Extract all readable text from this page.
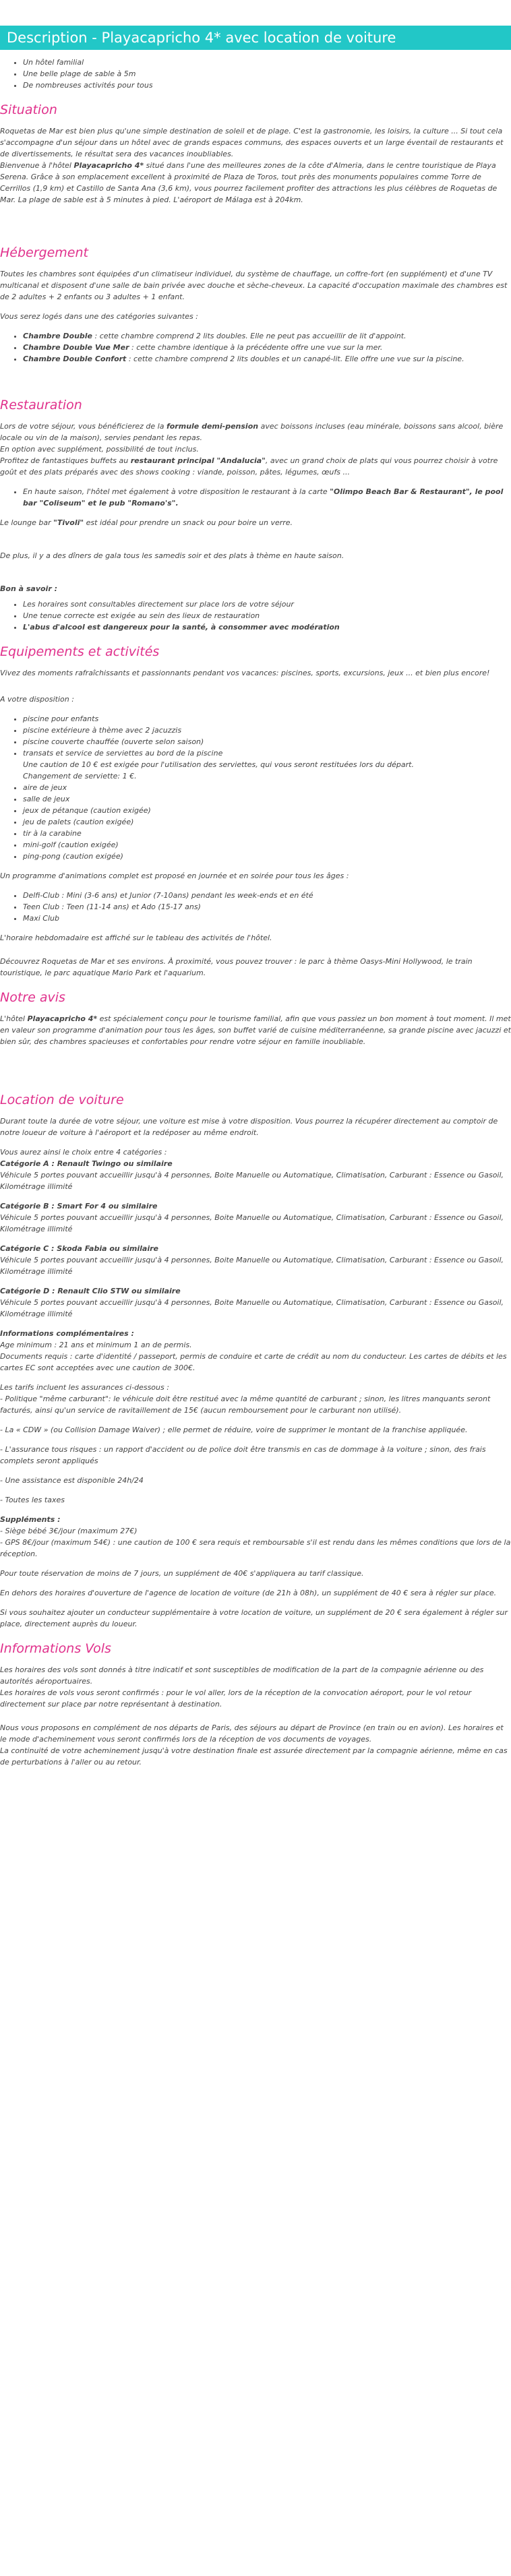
Description - Playacapricho 4* avec location de voiture
• Un hôtel familial
• Une belle plage de sable à 5m
• De nombreuses activités pour tous
Situation

Roquetas de Mar est bien plus qu'une simple destination de soleil et de plage. C'est la gastronomie, les loisirs, la culture ... Si tout cela s'accompagne d'un séjour dans un hôtel avec de grands espaces communs, des espaces ouverts et un large éventail de restaurants et de divertissements, le résultat sera des vacances inoubliables.

Bienvenue à l'hôtel Playacapricho 4* situé dans l'une des meilleures zones de la côte d'Almeria, dans le centre touristique de Playa Serena. Grâce à son emplacement excellent à proximité de Plaza de Toros, tout près des monuments populaires comme Torre de Cerrillos (1,9 km) et Castillo de Santa Ana (3,6 km), vous pourrez facilement profiter des attractions les plus célèbres de Roquetas de Mar. La plage de sable est à 5 minutes à pied. L'aéroport de Málaga est à 204km.

Hébergement

Toutes les chambres sont équipées d'un climatiseur individuel, du système de chauffage, un coffre-fort (en supplément) et d'une TV multicanal et disposent d'une salle de bain privée avec douche et sèche-cheveux. La capacité d'occupation maximale des chambres est de 2 adultes + 2 enfants ou 3 adultes + 1 enfant.

Vous serez logés dans une des catégories suivantes :

• Chambre Double : cette chambre comprend 2 lits doubles. Elle ne peut pas accueillir de lit d'appoint.
• Chambre Double Vue Mer : cette chambre identique à la précédente offre une vue sur la mer.
• Chambre Double Confort : cette chambre comprend 2 lits doubles et un canapé-lit. Elle offre une vue sur la piscine.
Restauration

Lors de votre séjour, vous bénéficierez de la formule demi-pension avec boissons incluses (eau minérale, boissons sans alcool, bière locale ou vin de la maison), servies pendant les repas.
En option avec supplément, possibilité de tout inclus.
Profitez de fantastiques buffets au restaurant principal "Andalucia", avec un grand choix de plats qui vous pourrez choisir à votre goût et des plats préparés avec des shows cooking : viande, poisson, pâtes, légumes, œufs ...

• En haute saison, l'hôtel met également à votre disposition le restaurant à la carte "Olimpo Beach Bar & Restaurant", le pool bar "Coliseum" et le pub "Romano's".

Le lounge bar "Tivoli" est idéal pour prendre un snack ou pour boire un verre.

De plus, il y a des dîners de gala tous les samedis soir et des plats à thème en haute saison.

Bon à savoir :

• Les horaires sont consultables directement sur place lors de votre séjour
• Une tenue correcte est exigée au sein des lieux de restauration
• L'abus d'alcool est dangereux pour la santé, à consommer avec modération
Equipements et activités

Vivez des moments rafraîchissants et passionnants pendant vos vacances: piscines, sports, excursions, jeux ... et bien plus encore!

A votre disposition :

• piscine pour enfants
• piscine extérieure à thème avec 2 jacuzzis
• piscine couverte chauffée (ouverte selon saison)
• transats et service de serviettes au bord de la piscine
Une caution de 10 € est exigée pour l'utilisation des serviettes, qui vous seront restituées lors du départ.
Changement de serviette: 1 €.
• aire de jeux
• salle de jeux
• jeux de pétanque (caution exigée)
• jeu de palets (caution exigée)
• tir à la carabine
• mini-golf (caution exigée)
• ping-pong (caution exigée)

Un programme d'animations complet est proposé en journée et en soirée pour tous les âges :

• Delfi-Club : Mini (3-6 ans) et Junior (7-10ans) pendant les week-ends et en été
• Teen Club : Teen (11-14 ans) et Ado (15-17 ans)
• Maxi Club

L'horaire hebdomadaire est affiché sur le tableau des activités de l'hôtel.

Découvrez Roquetas de Mar et ses environs. À proximité, vous pouvez trouver : le parc à thème Oasys-Mini Hollywood, le train touristique, le parc aquatique Mario Park et l'aquarium.

Notre avis

L'hôtel Playacapricho 4* est spécialement conçu pour le tourisme familial, afin que vous passiez un bon moment à tout moment. Il met en valeur son programme d'animation pour tous les âges, son buffet varié de cuisine méditerranéenne, sa grande piscine avec jacuzzi et bien sûr, des chambres spacieuses et confortables pour rendre votre séjour en famille inoubliable.

Location de voiture

Durant toute la durée de votre séjour, une voiture est mise à votre disposition. Vous pourrez la récupérer directement au comptoir de notre loueur de voiture à l'aéroport et la redéposer au même endroit.

Vous aurez ainsi le choix entre 4 catégories :

Catégorie A : Renault Twingo ou similaire
Véhicule 5 portes pouvant accueillir jusqu'à 4 personnes, Boite Manuelle ou Automatique, Climatisation, Carburant : Essence ou Gasoil, Kilométrage illimité

Catégorie B : Smart For 4 ou similaire
Véhicule 5 portes pouvant accueillir jusqu'à 4 personnes, Boite Manuelle ou Automatique, Climatisation, Carburant : Essence ou Gasoil, Kilométrage illimité

Catégorie C : Skoda Fabia ou similaire
Véhicule 5 portes pouvant accueillir jusqu'à 4 personnes, Boite Manuelle ou Automatique, Climatisation, Carburant : Essence ou Gasoil, Kilométrage illimité

Catégorie D : Renault Clio STW ou similaire
Véhicule 5 portes pouvant accueillir jusqu'à 4 personnes, Boite Manuelle ou Automatique, Climatisation, Carburant : Essence ou Gasoil, Kilométrage illimité

Informations complémentaires :
Age minimum : 21 ans et minimum 1 an de permis.
Documents requis : carte d'identité / passeport, permis de conduire et carte de crédit au nom du conducteur. Les cartes de débits et les cartes EC sont acceptées avec une caution de 300€.

Les tarifs incluent les assurances ci-dessous :
- Politique "même carburant": le véhicule doit être restitué avec la même quantité de carburant ; sinon, les litres manquants seront facturés, ainsi qu'un service de ravitaillement de 15€ (aucun remboursement pour le carburant non utilisé).

- La « CDW » (ou Collision Damage Waiver) ; elle permet de réduire, voire de supprimer le montant de la franchise appliquée.

- L'assurance tous risques : un rapport d'accident ou de police doit être transmis en cas de dommage à la voiture ; sinon, des frais complets seront appliqués

- Une assistance est disponible 24h/24

- Toutes les taxes

Suppléments :
- Siège bébé 3€/jour (maximum 27€)
- GPS 8€/jour (maximum 54€) : une caution de 100 € sera requis et remboursable s'il est rendu dans les mêmes conditions que lors de la réception.

Pour toute réservation de moins de 7 jours, un supplément de 40€ s'appliquera au tarif classique.

En dehors des horaires d'ouverture de l'agence de location de voiture (de 21h à 08h), un supplément de 40 € sera à régler sur place.

Si vous souhaitez ajouter un conducteur supplémentaire à votre location de voiture, un supplément de 20 € sera également à régler sur place, directement auprès du loueur.

Informations Vols

Les horaires des vols sont donnés à titre indicatif et sont susceptibles de modification de la part de la compagnie aérienne ou des autorités aéroportuaires.
Les horaires de vols vous seront confirmés : pour le vol aller, lors de la réception de la convocation aéroport, pour le vol retour directement sur place par notre représentant à destination.

Nous vous proposons en complément de nos départs de Paris, des séjours au départ de Province (en train ou en avion). Les horaires et le mode d'acheminement vous seront confirmés lors de la réception de vos documents de voyages.
La continuité de votre acheminement jusqu'à votre destination finale est assurée directement par la compagnie aérienne, même en cas de perturbations à l'aller ou au retour.
